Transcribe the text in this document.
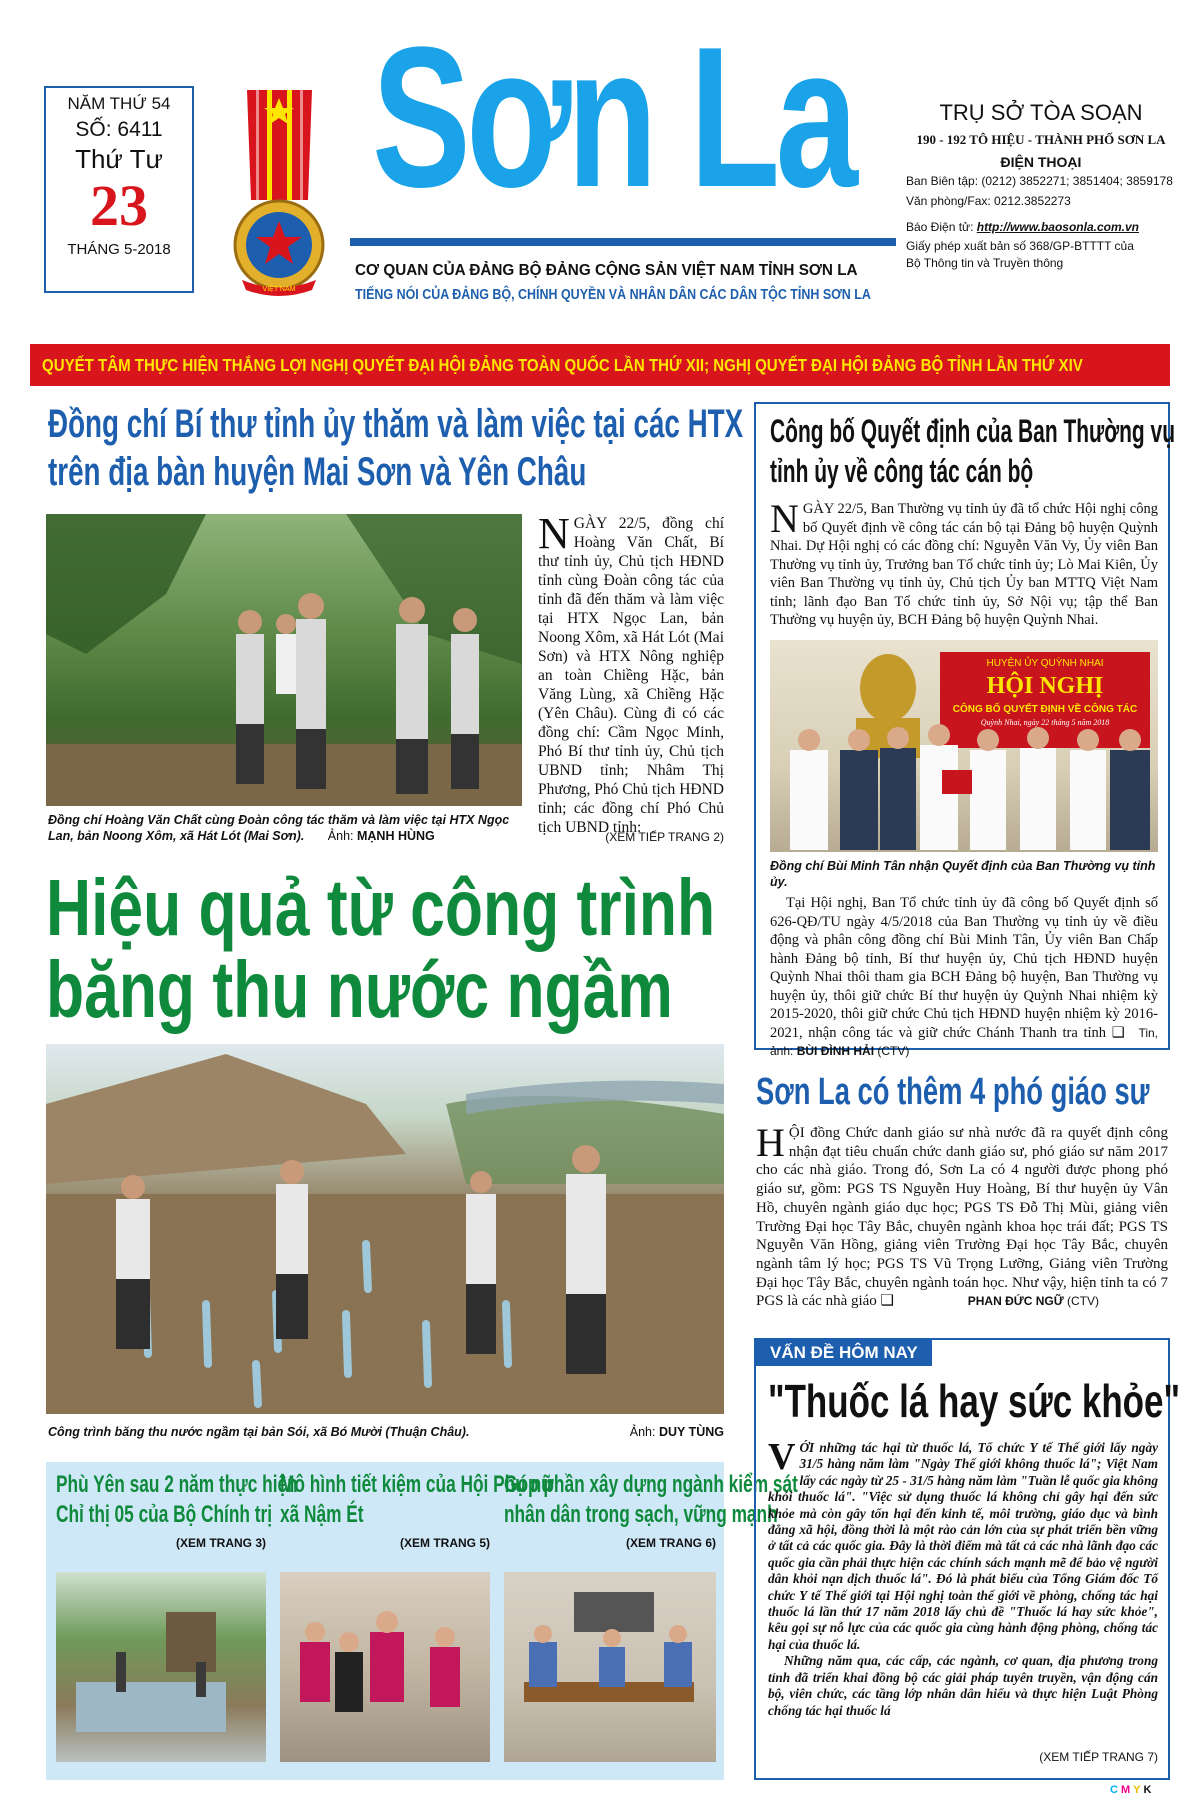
NĂM THỨ 54
SỐ: 6411
Thứ Tư
23
THÁNG 5-2018
VIỆT NAM
Sơn La
CƠ QUAN CỦA ĐẢNG BỘ ĐẢNG CỘNG SẢN VIỆT NAM TỈNH SƠN LA
TIẾNG NÓI CỦA ĐẢNG BỘ, CHÍNH QUYỀN VÀ NHÂN DÂN CÁC DÂN TỘC TỈNH SƠN LA
TRỤ SỞ TÒA SOẠN
190 - 192 TÔ HIỆU - THÀNH PHỐ SƠN LA
ĐIỆN THOẠI
Ban Biên tập: (0212) 3852271; 3851404; 3859178
Văn phòng/Fax: 0212.3852273
Báo Điện tử: http://www.baosonla.com.vn
Giấy phép xuất bản số 368/GP-BTTTT của
Bộ Thông tin và Truyền thông
QUYẾT TÂM THỰC HIỆN THẮNG LỢI NGHỊ QUYẾT ĐẠI HỘI ĐẢNG TOÀN QUỐC LẦN THỨ XII; NGHỊ QUYẾT ĐẠI HỘI ĐẢNG BỘ TỈNH LẦN THỨ XIV
Đồng chí Bí thư tỉnh ủy thăm và làm việc tại các HTX
trên địa bàn huyện Mai Sơn và Yên Châu
Đồng chí Hoàng Văn Chất cùng Đoàn công tác thăm và làm việc tại HTX Ngọc Lan, bản Noong Xôm, xã Hát Lót (Mai Sơn). Ảnh: MẠNH HÙNG
NGÀY 22/5, đồng chí Hoàng Văn Chất, Bí thư tỉnh ủy, Chủ tịch HĐND tỉnh cùng Đoàn công tác của tỉnh đã đến thăm và làm việc tại HTX Ngọc Lan, bản Noong Xôm, xã Hát Lót (Mai Sơn) và HTX Nông nghiệp an toàn Chiềng Hặc, bản Văng Lùng, xã Chiềng Hặc (Yên Châu). Cùng đi có các đồng chí: Cầm Ngọc Minh, Phó Bí thư tỉnh ủy, Chủ tịch UBND tỉnh; Nhâm Thị Phương, Phó Chủ tịch HĐND tỉnh; các đồng chí Phó Chủ tịch UBND tỉnh:
(XEM TIẾP TRANG 2)
Hiệu quả từ công trình
băng thu nước ngầm
Công trình băng thu nước ngầm tại bản Sói, xã Bó Mười (Thuận Châu).	Ảnh: DUY TÙNG
Phù Yên sau 2 năm thực hiện
Chỉ thị 05 của Bộ Chính trị
(XEM TRANG 3)
Mô hình tiết kiệm của Hội Phụ nữ
xã Nậm Ét
(XEM TRANG 5)
Góp phần xây dựng ngành kiểm sát
nhân dân trong sạch, vững mạnh
(XEM TRANG 6)
Công bố Quyết định của Ban Thường vụ
tỉnh ủy về công tác cán bộ
NGÀY 22/5, Ban Thường vụ tỉnh ủy đã tổ chức Hội nghị công bố Quyết định về công tác cán bộ tại Đảng bộ huyện Quỳnh Nhai. Dự Hội nghị có các đồng chí: Nguyễn Văn Vy, Ủy viên Ban Thường vụ tỉnh ủy, Trưởng ban Tổ chức tỉnh ủy; Lò Mai Kiên, Ủy viên Ban Thường vụ tỉnh ủy, Chủ tịch Ủy ban MTTQ Việt Nam tỉnh; lãnh đạo Ban Tổ chức tỉnh ủy, Sở Nội vụ; tập thể Ban Thường vụ huyện ủy, BCH Đảng bộ huyện Quỳnh Nhai.
HUYỆN ỦY QUỲNH NHAI
HỘI NGHỊ
CÔNG BỐ QUYẾT ĐỊNH VỀ CÔNG TÁC
Quỳnh Nhai, ngày 22 tháng 5 năm 2018
Đồng chí Bùi Minh Tân nhận Quyết định của Ban Thường vụ tỉnh ủy.
Tại Hội nghị, Ban Tổ chức tỉnh ủy đã công bố Quyết định số 626-QĐ/TU ngày 4/5/2018 của Ban Thường vụ tỉnh ủy về điều động và phân công đồng chí Bùi Minh Tân, Ủy viên Ban Chấp hành Đảng bộ tỉnh, Bí thư huyện ủy, Chủ tịch HĐND huyện Quỳnh Nhai thôi tham gia BCH Đảng bộ huyện, Ban Thường vụ huyện ủy, thôi giữ chức Bí thư huyện ủy Quỳnh Nhai nhiệm kỳ 2015-2020, thôi giữ chức Chủ tịch HĐND huyện nhiệm kỳ 2016-2021, nhận công tác và giữ chức Chánh Thanh tra tỉnh ❑ Tin, ảnh: BÙI ĐÌNH HẢI (CTV)
Sơn La có thêm 4 phó giáo sư
HỘI đồng Chức danh giáo sư nhà nước đã ra quyết định công nhận đạt tiêu chuẩn chức danh giáo sư, phó giáo sư năm 2017 cho các nhà giáo. Trong đó, Sơn La có 4 người được phong phó giáo sư, gồm: PGS TS Nguyễn Huy Hoàng, Bí thư huyện ủy Vân Hồ, chuyên ngành giáo dục học; PGS TS Đỗ Thị Mùi, giảng viên Trường Đại học Tây Bắc, chuyên ngành khoa học trái đất; PGS TS Nguyễn Văn Hồng, giảng viên Trường Đại học Tây Bắc, chuyên ngành tâm lý học; PGS TS Vũ Trọng Lưỡng, Giảng viên Trường Đại học Tây Bắc, chuyên ngành toán học. Như vậy, hiện tỉnh ta có 7 PGS là các nhà giáo ❑	PHAN ĐỨC NGỮ (CTV)
VẤN ĐỀ HÔM NAY
"Thuốc lá hay sức khỏe"
VỚI những tác hại từ thuốc lá, Tổ chức Y tế Thế giới lấy ngày 31/5 hàng năm làm "Ngày Thế giới không thuốc lá"; Việt Nam lấy các ngày từ 25 - 31/5 hàng năm làm "Tuần lễ quốc gia không khói thuốc lá". "Việc sử dụng thuốc lá không chỉ gây hại đến sức khỏe mà còn gây tổn hại đến kinh tế, môi trường, giáo dục và bình đẳng xã hội, đồng thời là một rào cản lớn của sự phát triển bền vững ở tất cả các quốc gia. Đây là thời điểm mà tất cả các nhà lãnh đạo các quốc gia cần phải thực hiện các chính sách mạnh mẽ để bảo vệ người dân khỏi nạn dịch thuốc lá". Đó là phát biểu của Tổng Giám đốc Tổ chức Y tế Thế giới tại Hội nghị toàn thế giới về phòng, chống tác hại thuốc lá lần thứ 17 năm 2018 lấy chủ đề "Thuốc lá hay sức khỏe", kêu gọi sự nỗ lực của các quốc gia cùng hành động phòng, chống tác hại của thuốc lá.
Những năm qua, các cấp, các ngành, cơ quan, địa phương trong tỉnh đã triển khai đồng bộ các giải pháp tuyên truyền, vận động cán bộ, viên chức, các tầng lớp nhân dân hiểu và thực hiện Luật Phòng chống tác hại thuốc lá
(XEM TIẾP TRANG 7)
CMYK
